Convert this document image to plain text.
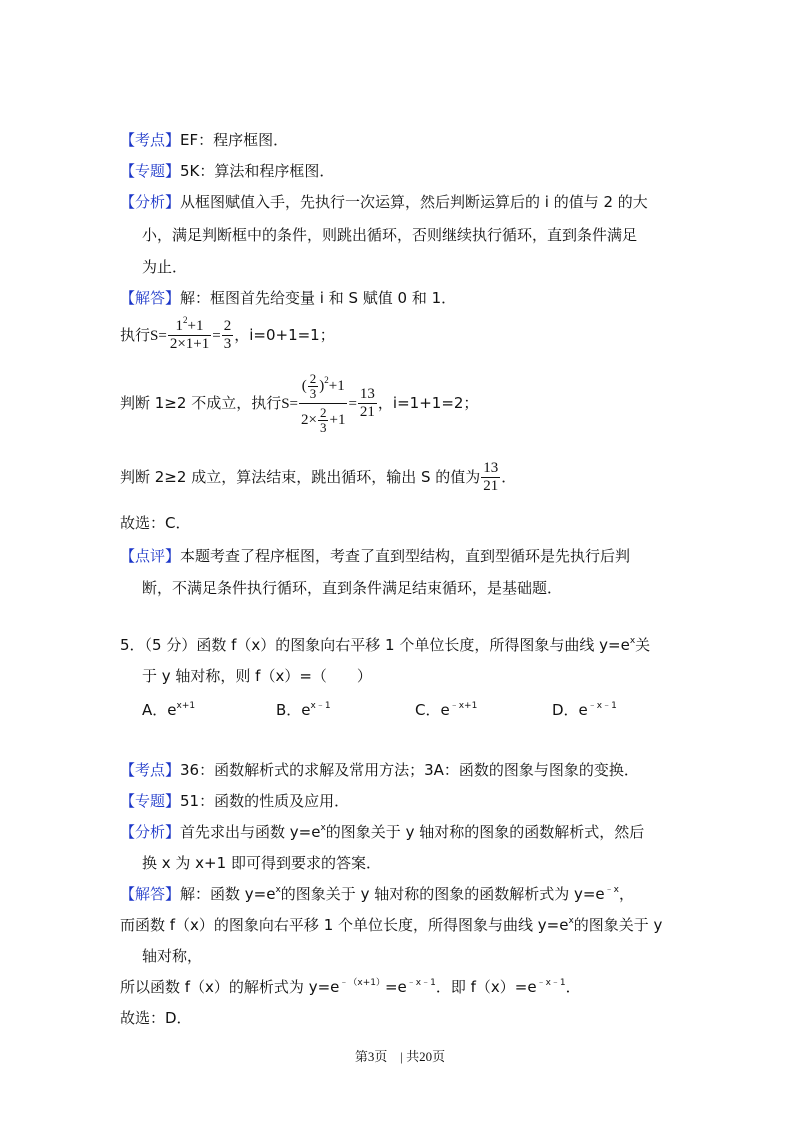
【考点】EF：程序框图．
【专题】5K：算法和程序框图．
【分析】从框图赋值入手，先执行一次运算，然后判断运算后的 i 的值与 2 的大
小，满足判断框中的条件，则跳出循环，否则继续执行循环，直到条件满足
为止．
【解答】解：框图首先给变量 i 和 S 赋值 0 和 1．
执行$S= \frac{1^2+1}{2\times 1+1} = \frac{2}{3}$ ，i=0+1=1；
判断 1≥2 不成立，执行$S= \frac{( \frac{2}{3} )^2+1}{2\times \frac{2}{3} +1} = \frac{13}{21}$ ，i=1+1=2；
判断 2≥2 成立，算法结束，跳出循环，输出 S 的值为 $\frac{13}{21}$ ．
故选：C．
【点评】本题考查了程序框图，考查了直到型结构，直到型循环是先执行后判
断，不满足条件执行循环，直到条件满足结束循环，是基础题．
5．（5 分）函数 f（x）的图象向右平移 1 个单位长度，所得图象与曲线 $y=e^x$关
于 y 轴对称，则 f（x）=（　　）
A．$e^{x+1}$	B．$e^{x﹣1}$	C．$e^{﹣x+1}$	D．$e^{﹣x﹣1}$
【考点】36：函数解析式的求解及常用方法；3A：函数的图象与图象的变换．
【专题】51：函数的性质及应用．
【分析】首先求出与函数 $y=e^x$的图象关于 y 轴对称的图象的函数解析式，然后
换 x 为 x+1 即可得到要求的答案．
【解答】解：函数 $y=e^x$的图象关于 y 轴对称的图象的函数解析式为 $y=e^{﹣x}$，
而函数 f（x）的图象向右平移 1 个单位长度，所得图象与曲线 $y=e^x$的图象关于 y
轴对称，
所以函数 f（x）的解析式为 $y=e^{﹣(x+1)}=e^{﹣x﹣1}$．即 $f(x)=e^{﹣x﹣1}$．
故选：D．
第3页　| 共20页
